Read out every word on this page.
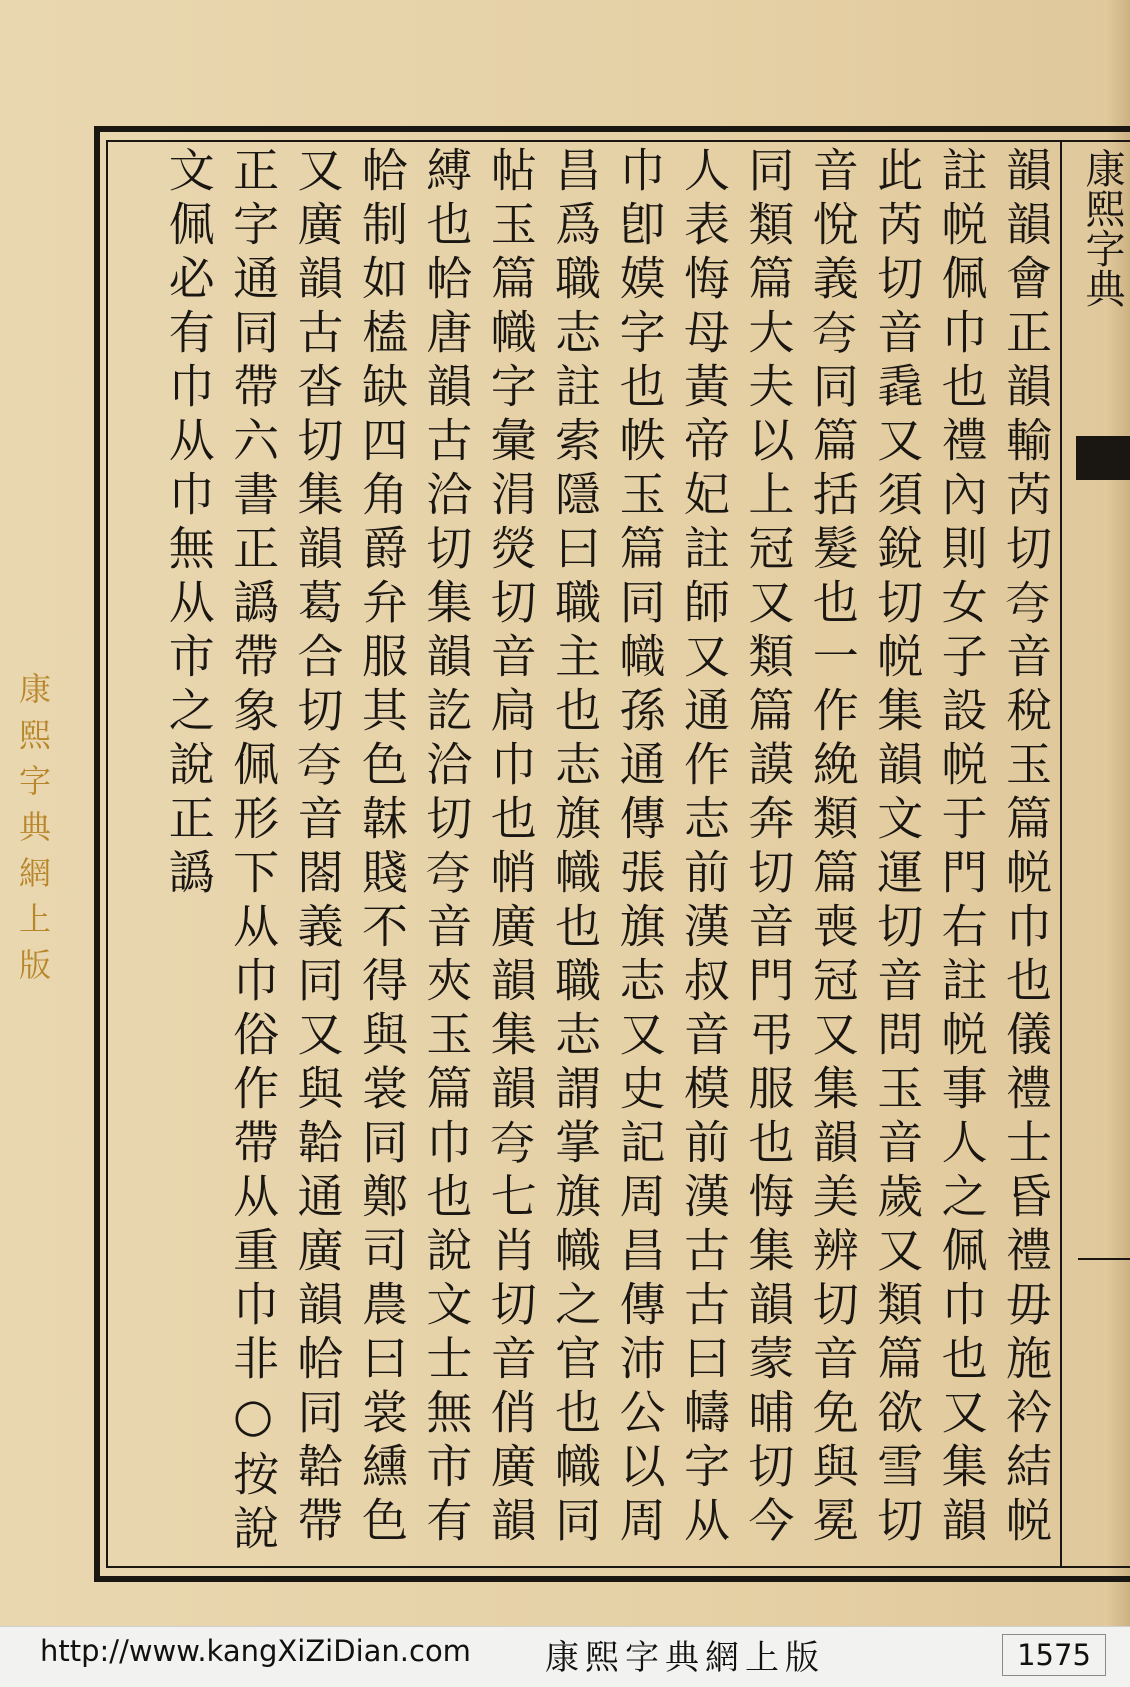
康熙字典
韻韻會正韻輸芮切𡗝音稅玉篇帨巾也儀禮士昏禮毋施衿結帨註帨佩巾也禮內則女子設帨于門右註帨事人之佩巾也又集韻此芮切音毳又須銳切帨集韻文運切音問玉音歲又類篇欲雪切音悅義𡗝同篇括髮也一作絻類篇喪冠又集韻美辨切音免與冕同類篇大夫以上冠又類篇謨奔切音門弔服也悔集韻蒙晡切今人表悔母黃帝妃註師又通作志前漢叔音模前漢古古曰幬字从巾卽嫫字也帙玉篇同幟孫通傳張旗志又史記周昌傳沛公以周昌爲職志註索隱曰職主也志旗幟也職志謂掌旗幟之官也幟同帖玉篇幟字彙涓熒切音扃巾也帩廣韻集韻𡗝七肖切音俏廣韻縛也帢唐韻古洽切集韻訖洽切𡗝音夾玉篇巾也說文士無市有帢制如榼缺四角爵弁服其色韎賤不得與裳同鄭司農曰裳纁色又廣韻古沓切集韻葛合切𡗝音閤義同又與韐通廣韻帢同韐帶正字通同帶六書正譌帶象佩形下从巾俗作帶从重巾非○按說文佩必有巾从巾無从市之說正譌
康熙字典網上版
http://www.kangXiZiDian.com 康熙字典網上版	1575
